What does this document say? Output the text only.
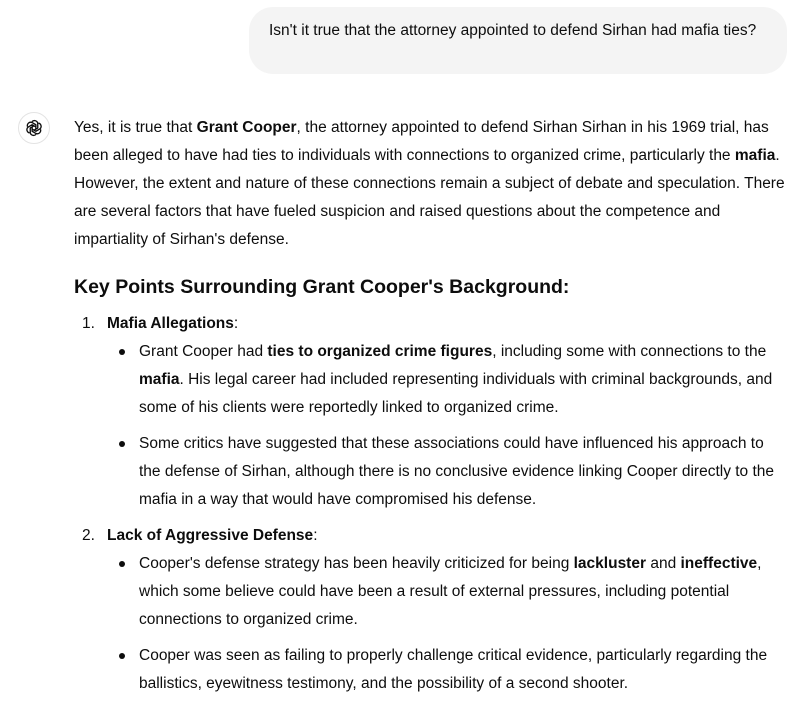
Isn't it true that the attorney appointed to defend Sirhan had mafia ties?

Yes, it is true that Grant Cooper, the attorney appointed to defend Sirhan Sirhan in his 1969 trial, has been alleged to have had ties to individuals with connections to organized crime, particularly the mafia. However, the extent and nature of these connections remain a subject of debate and speculation. There are several factors that have fueled suspicion and raised questions about the competence and impartiality of Sirhan's defense.

Key Points Surrounding Grant Cooper's Background:
1. Mafia Allegations:

Grant Cooper had ties to organized crime figures, including some with connections to the mafia. His legal career had included representing individuals with criminal backgrounds, and some of his clients were reportedly linked to organized crime.
Some critics have suggested that these associations could have influenced his approach to the defense of Sirhan, although there is no conclusive evidence linking Cooper directly to the mafia in a way that would have compromised his defense.
2. Lack of Aggressive Defense:

Cooper's defense strategy has been heavily criticized for being lackluster and ineffective, which some believe could have been a result of external pressures, including potential connections to organized crime.
Cooper was seen as failing to properly challenge critical evidence, particularly regarding the ballistics, eyewitness testimony, and the possibility of a second shooter.
